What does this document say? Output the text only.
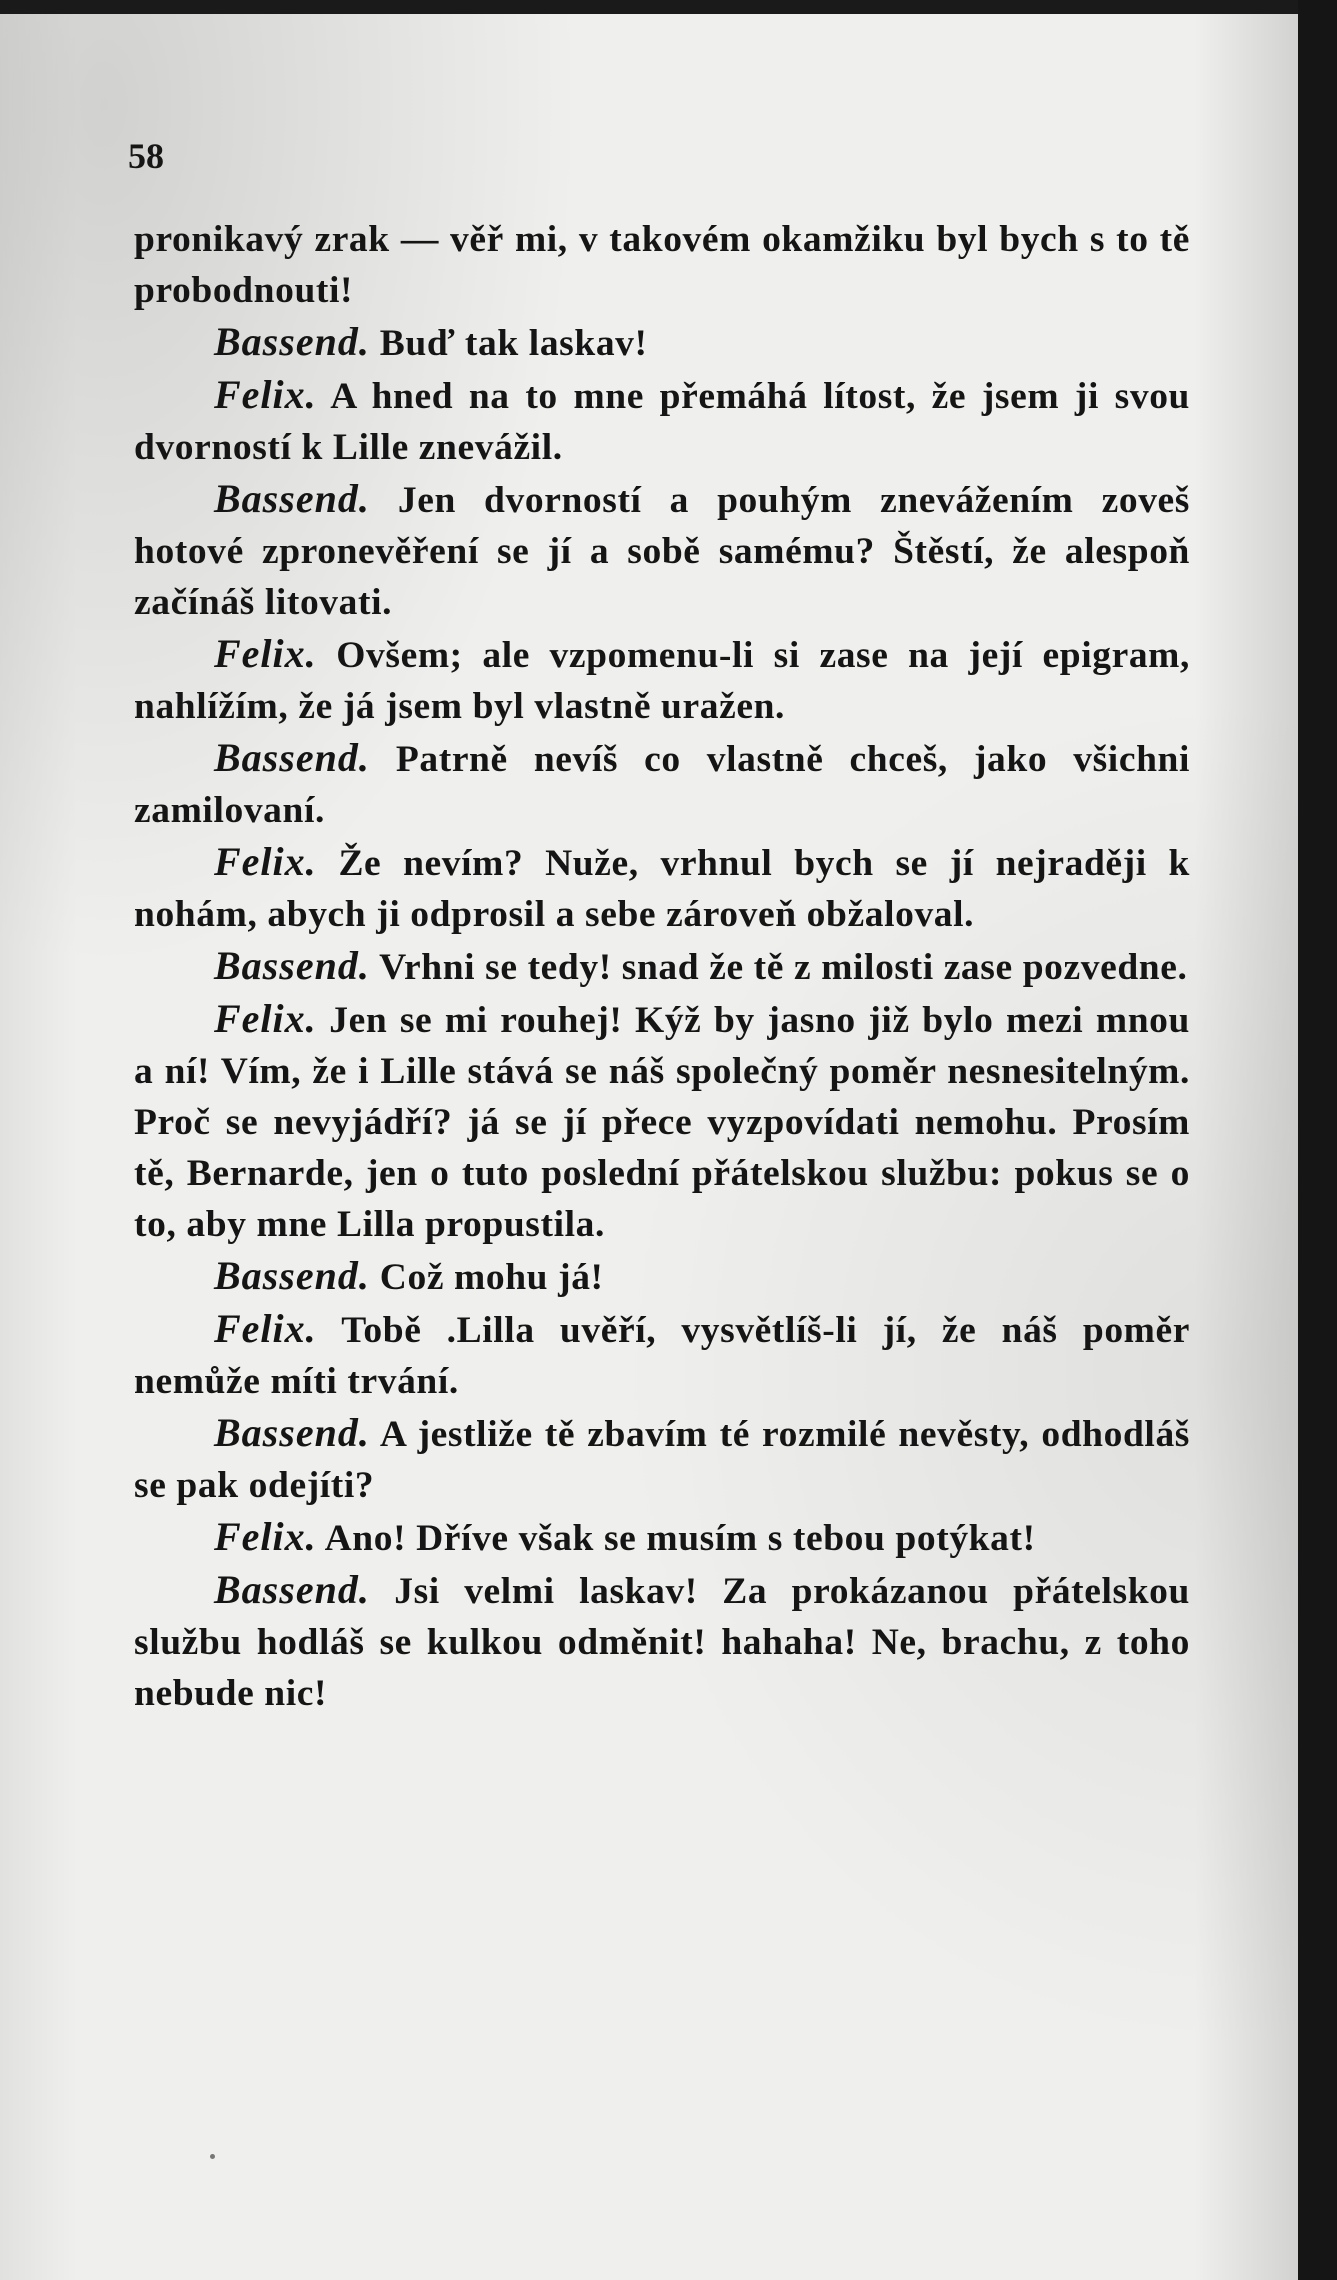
58

pronikavý zrak — věř mi, v takovém okamžiku byl bych s to tě probodnouti!

Bassend. Buď tak laskav!

Felix. A hned na to mne přemáhá lítost, že jsem ji svou dvorností k Lille znevážil.

Bassend. Jen dvorností a pouhým znevážením zoveš hotové zpronevěření se jí a sobě samému? Štěstí, že alespoň začínáš litovati.

Felix. Ovšem; ale vzpomenu-li si zase na její epigram, nahlížím, že já jsem byl vlastně uražen.

Bassend. Patrně nevíš co vlastně chceš, jako všichni zamilovaní.

Felix. Že nevím? Nuže, vrhnul bych se jí nejraději k nohám, abych ji odprosil a sebe zároveň obžaloval.

Bassend. Vrhni se tedy! snad že tě z milosti zase pozvedne.

Felix. Jen se mi rouhej! Kýž by jasno již bylo mezi mnou a ní! Vím, že i Lille stává se náš společný poměr nesnesitelným. Proč se nevyjádří? já se jí přece vyzpovídati nemohu. Prosím tě, Bernarde, jen o tuto poslední přátelskou službu: pokus se o to, aby mne Lilla propustila.

Bassend. Což mohu já!

Felix. Tobě .Lilla uvěří, vysvětlíš-li jí, že náš poměr nemůže míti trvání.

Bassend. A jestliže tě zbavím té rozmilé nevěsty, odhodláš se pak odejíti?

Felix. Ano! Dříve však se musím s tebou potýkat!

Bassend. Jsi velmi laskav! Za prokázanou přátelskou službu hodláš se kulkou odměnit! hahaha! Ne, brachu, z toho nebude nic!
